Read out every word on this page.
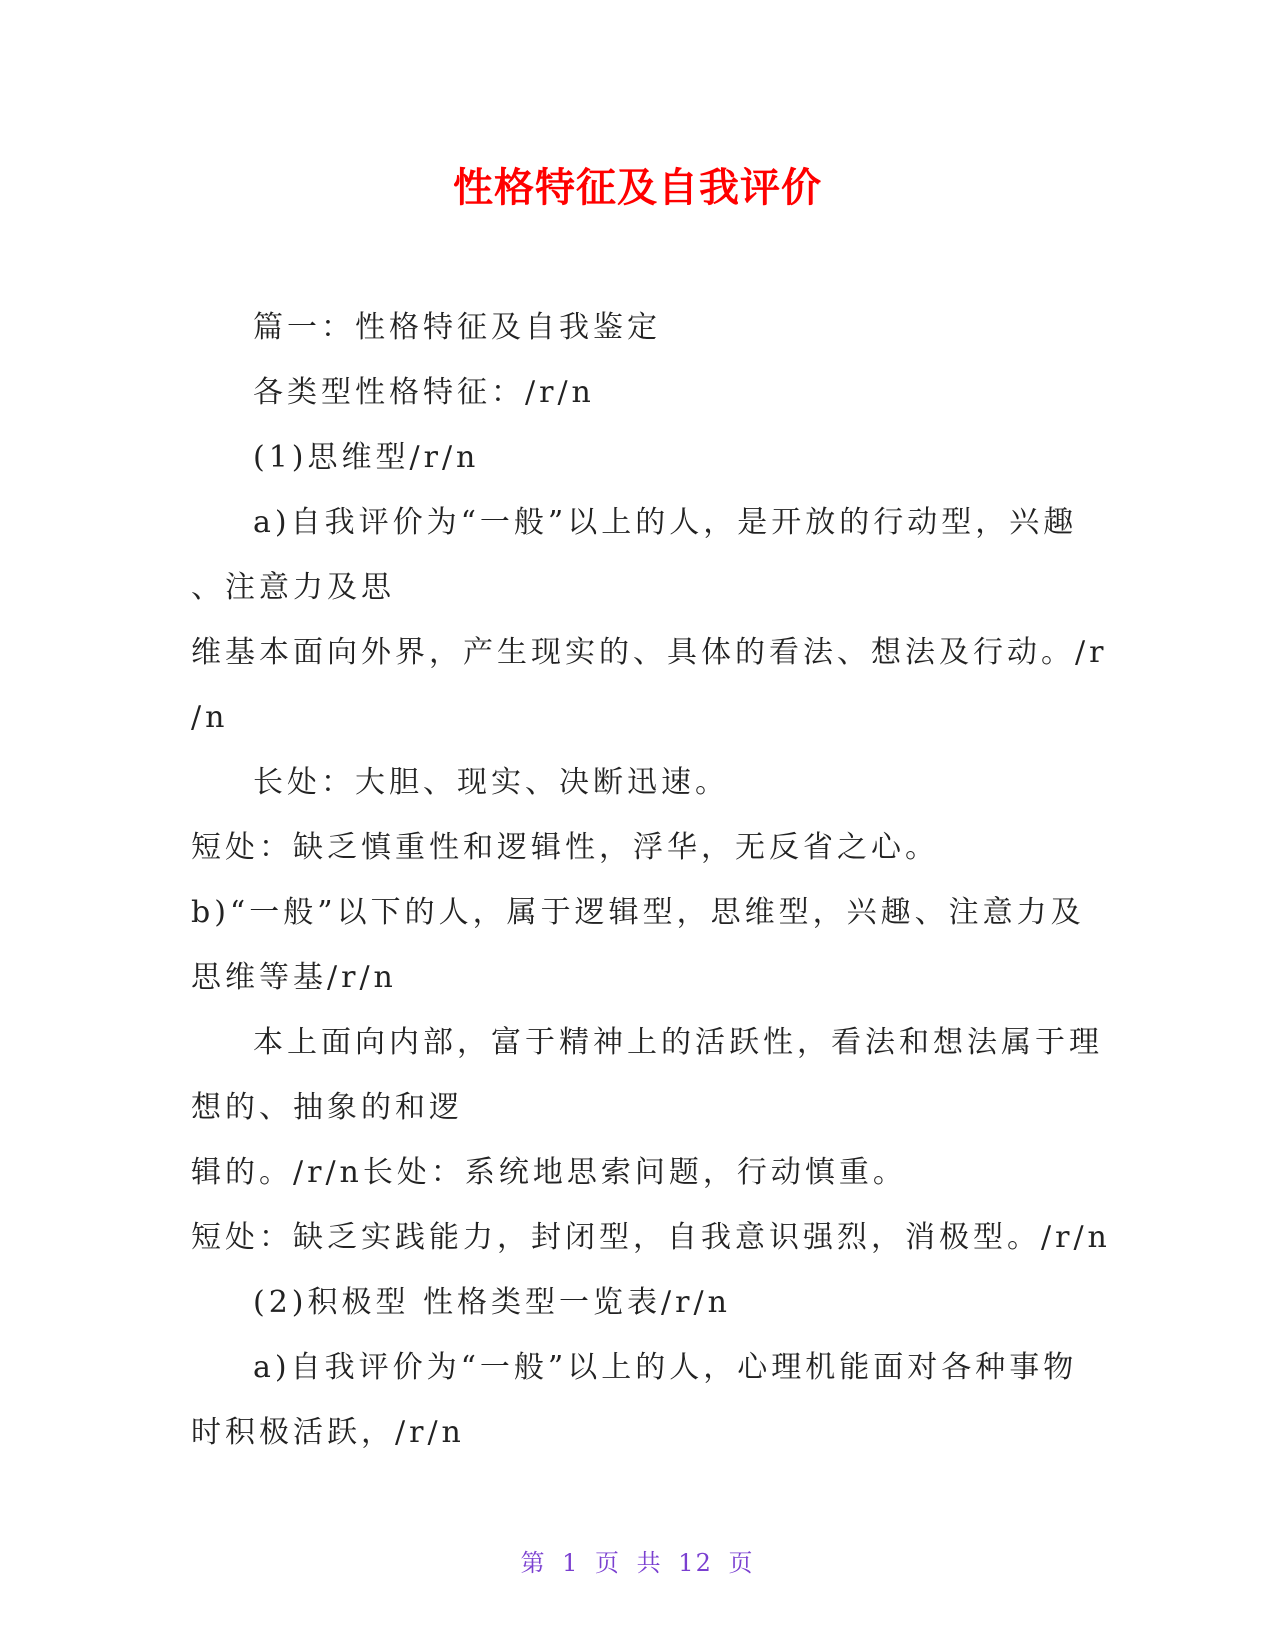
性格特征及自我评价
篇一：性格特征及自我鉴定
各类型性格特征：/r/n
(1)思维型/r/n
a)自我评价为“一般”以上的人，是开放的行动型，兴趣
、注意力及思
维基本面向外界，产生现实的、具体的看法、想法及行动。/r
/n
长处：大胆、现实、决断迅速。
短处：缺乏慎重性和逻辑性，浮华，无反省之心。
b)“一般”以下的人，属于逻辑型，思维型，兴趣、注意力及
思维等基/r/n
本上面向内部，富于精神上的活跃性，看法和想法属于理
想的、抽象的和逻
辑的。/r/n长处：系统地思索问题，行动慎重。
短处：缺乏实践能力，封闭型，自我意识强烈，消极型。/r/n
(2)积极型 性格类型一览表/r/n
a)自我评价为“一般”以上的人，心理机能面对各种事物
时积极活跃，/r/n
第 1 页 共 12 页
